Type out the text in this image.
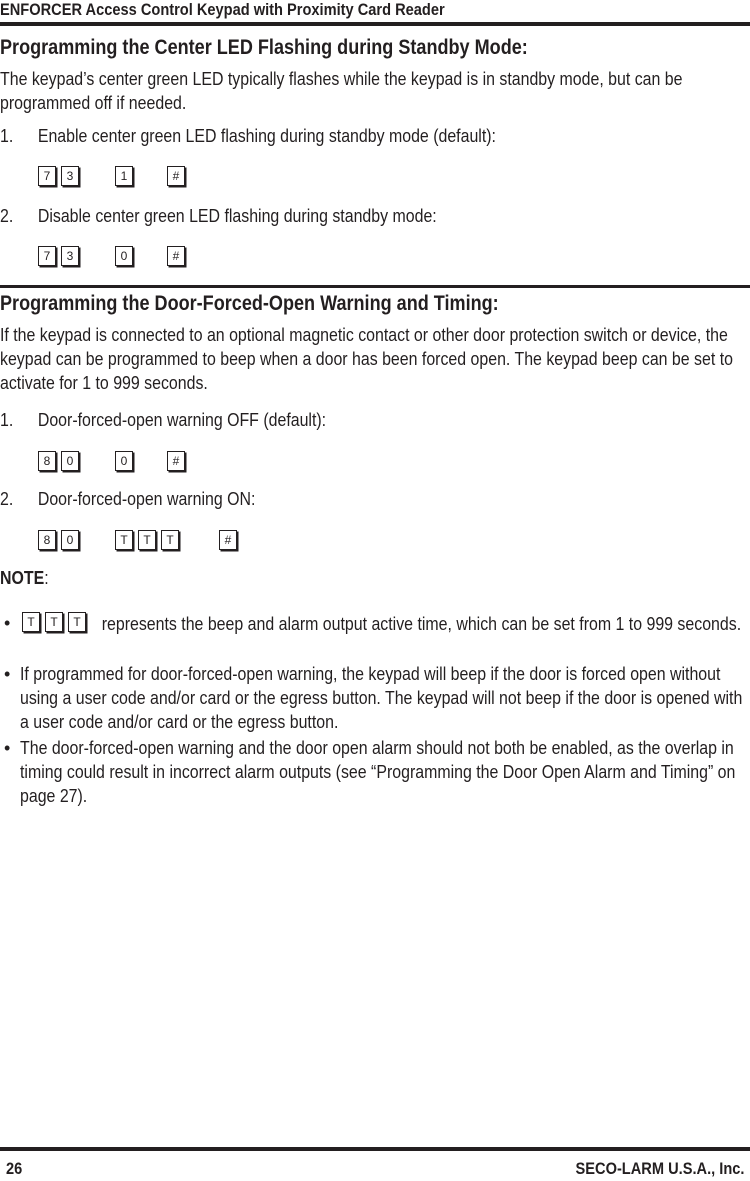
ENFORCER Access Control Keypad with Proximity Card Reader
Programming the Center LED Flashing during Standby Mode:
The keypad’s center green LED typically flashes while the keypad is in standby mode, but can be programmed off if needed.
1. Enable center green LED flashing during standby mode (default):
7	3	1	#
2. Disable center green LED flashing during standby mode:
7	3	0	#
Programming the Door-Forced-Open Warning and Timing:
If the keypad is connected to an optional magnetic contact or other door protection switch or device, the keypad can be programmed to beep when a door has been forced open. The keypad beep can be set to activate for 1 to 999 seconds.
1. Door-forced-open warning OFF (default):
8	0	0	#
2. Door-forced-open warning ON:
8	0	T	T	T	#
NOTE:
•	T	T	T	represents the beep and alarm output active time, which can be set from 1 to 999 seconds.
• If programmed for door-forced-open warning, the keypad will beep if the door is forced open without using a user code and/or card or the egress button. The keypad will not beep if the door is opened with a user code and/or card or the egress button.
• The door-forced-open warning and the door open alarm should not both be enabled, as the overlap in timing could result in incorrect alarm outputs (see “Programming the Door Open Alarm and Timing” on page 27).
26	SECO-LARM U.S.A., Inc.
